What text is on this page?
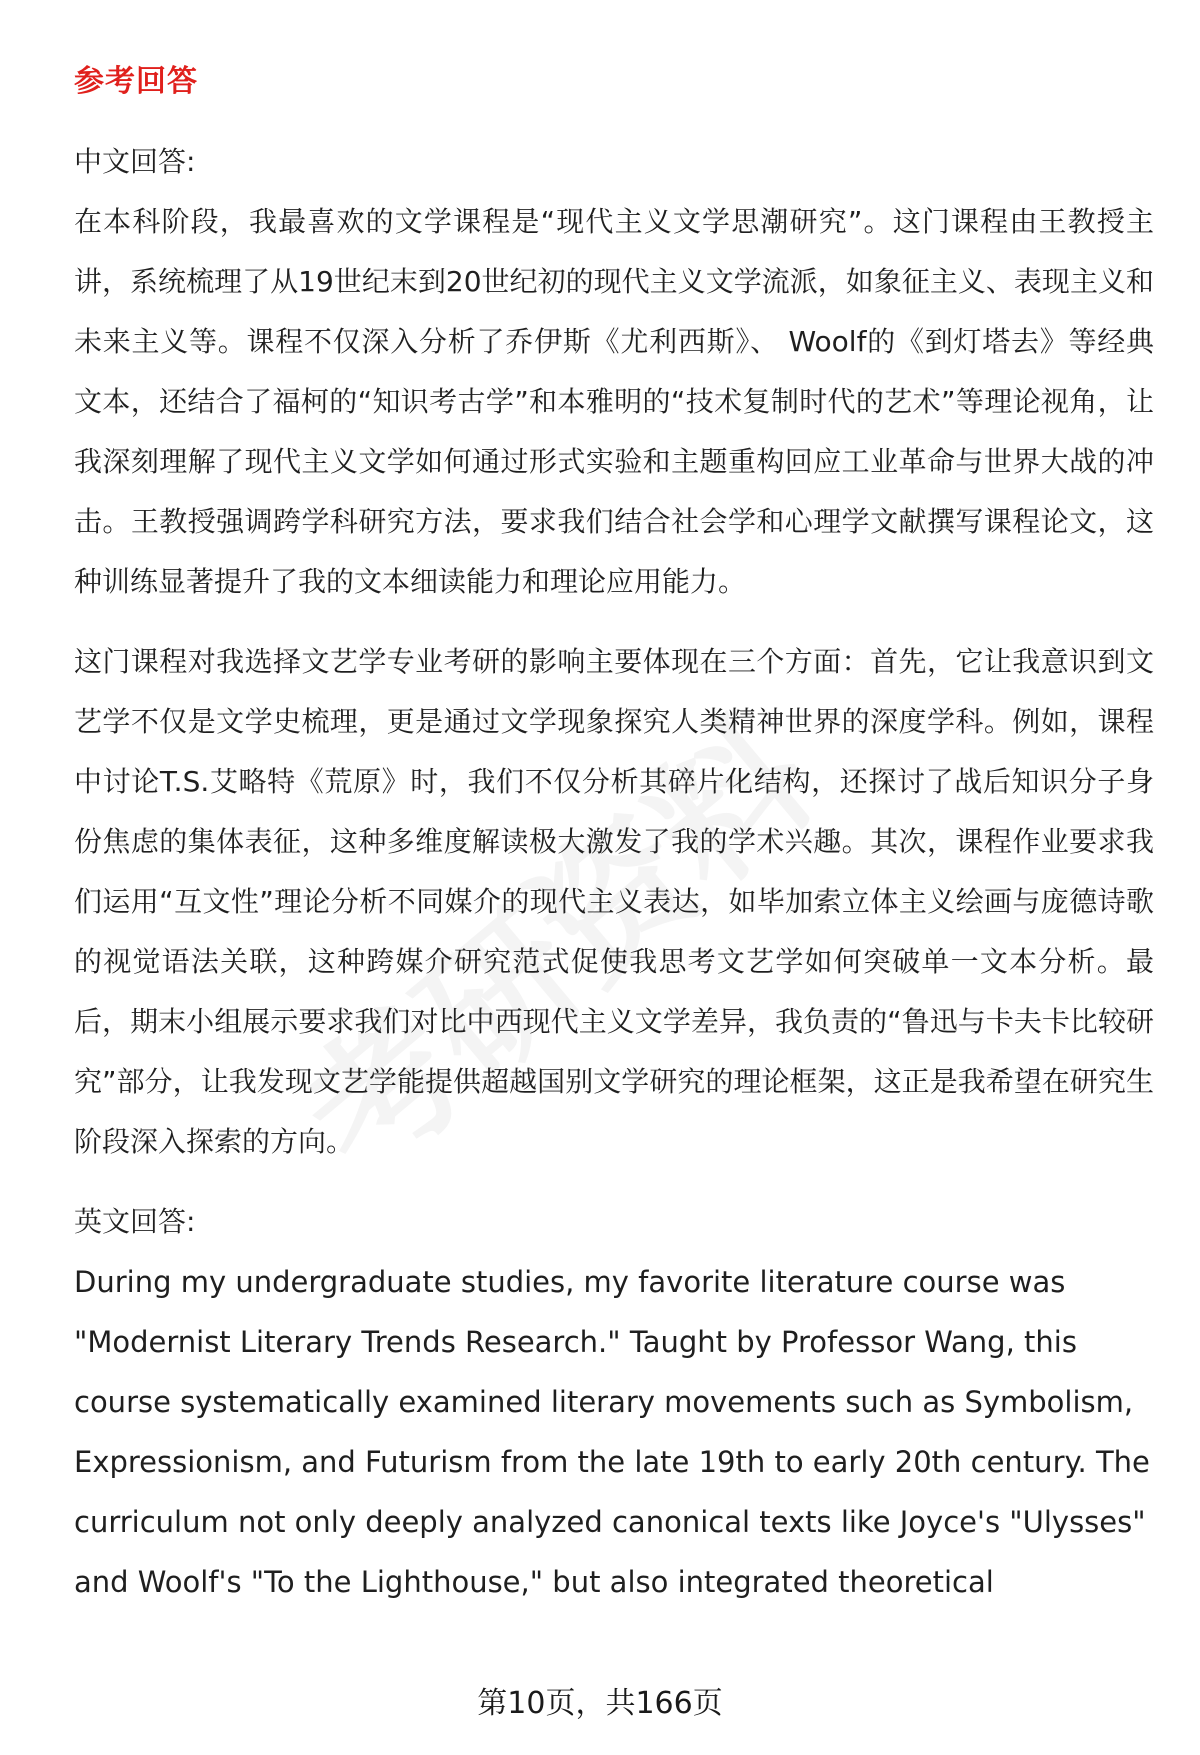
参考回答

中文回答:

在本科阶段，我最喜欢的文学课程是“现代主义文学思潮研究”。这门课程由王教授主讲，系统梳理了从19世纪末到20世纪初的现代主义文学流派，如象征主义、表现主义和未来主义等。课程不仅深入分析了乔伊斯《尤利西斯》、 Woolf的《到灯塔去》等经典文本，还结合了福柯的“知识考古学”和本雅明的“技术复制时代的艺术”等理论视角，让我深刻理解了现代主义文学如何通过形式实验和主题重构回应工业革命与世界大战的冲击。王教授强调跨学科研究方法，要求我们结合社会学和心理学文献撰写课程论文，这种训练显著提升了我的文本细读能力和理论应用能力。

这门课程对我选择文艺学专业考研的影响主要体现在三个方面：首先，它让我意识到文艺学不仅是文学史梳理，更是通过文学现象探究人类精神世界的深度学科。例如，课程中讨论T.S.艾略特《荒原》时，我们不仅分析其碎片化结构，还探讨了战后知识分子身份焦虑的集体表征，这种多维度解读极大激发了我的学术兴趣。其次，课程作业要求我们运用“互文性”理论分析不同媒介的现代主义表达，如毕加索立体主义绘画与庞德诗歌的视觉语法关联，这种跨媒介研究范式促使我思考文艺学如何突破单一文本分析。最后，期末小组展示要求我们对比中西现代主义文学差异，我负责的“鲁迅与卡夫卡比较研究”部分，让我发现文艺学能提供超越国别文学研究的理论框架，这正是我希望在研究生阶段深入探索的方向。

英文回答:

During my undergraduate studies, my favorite literature course was "Modernist Literary Trends Research." Taught by Professor Wang, this course systematically examined literary movements such as Symbolism, Expressionism, and Futurism from the late 19th to early 20th century. The curriculum not only deeply analyzed canonical texts like Joyce's "Ulysses" and Woolf's "To the Lighthouse," but also integrated theoretical

第10页，共166页
